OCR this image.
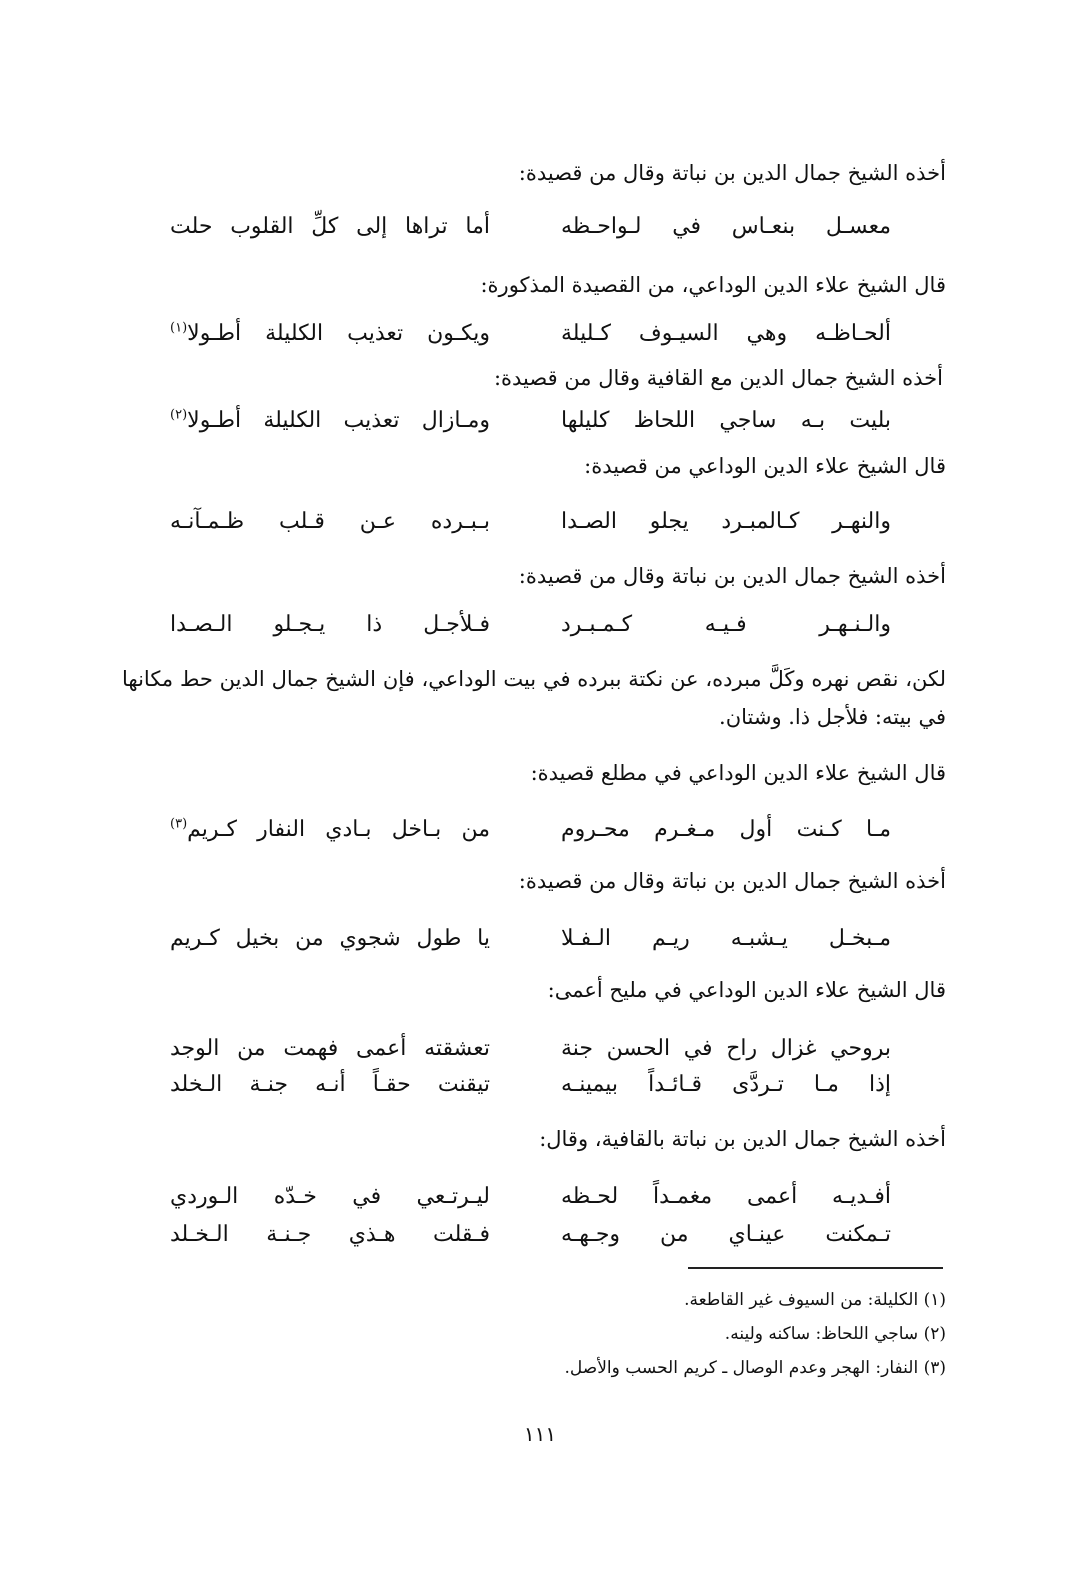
أخذه الشيخ جمال الدين بن نباتة وقال من قصيدة:
معسـل بنعـاس في لـواحـظه
أما تراها إلى كلِّ القلوب حلت
قال الشيخ علاء الدين الوداعي، من القصيدة المذكورة:
ألحـاظـه وهي السيـوف كـليلة
ويكـون تعذيب الكليلة أطـولا$^{(١)}$
أخذه الشيخ جمال الدين مع القافية وقال من قصيدة:
بليت بـه ساجي اللحاظ كليلها
ومـازال تعذيب الكليلة أطـولا$^{(٢)}$
قال الشيخ علاء الدين الوداعي من قصيدة:
والنهـر كـالمبـرد يجلو الصـدا
بـبـرده عـن قـلب ظـمـآنـه
أخذه الشيخ جمال الدين بن نباتة وقال من قصيدة:
والـنـهـر فـيـه كـمـبـرد
فـلأجـل ذا يـجـلو الـصـدا
لكن، نقص نهره وكَلَّ مبرده، عن نكتة ببرده في بيت الوداعي، فإن الشيخ جمال الدين حط مكانها في بيته: فلأجل ذا. وشتان.
قال الشيخ علاء الدين الوداعي في مطلع قصيدة:
مـا كـنت أول مـغـرم محـروم
من بـاخل بـادي النفار كـريم$^{(٣)}$
أخذه الشيخ جمال الدين بن نباتة وقال من قصيدة:
مـبخـل يـشبـه ريـم الـفـلا
يا طول شجوي من بخيل كـريم
قال الشيخ علاء الدين الوداعي في مليح أعمى:
بروحي غزال راح في الحسن جنة
تعشقته أعمى فهمت من الوجد
إذا مـا تـردَّى قـائـداً بيمينـه
تيقنت حقـاً أنـه جنـة الـخلد
أخذه الشيخ جمال الدين بن نباتة بالقافية، وقال:
أفـديـه أعمى مغمـداً لحـظه
ليـرتـعي في خـدّه الـوردي
تـمكنت عينـاي من وجـهـه
فـقلت هـذي جـنـة الـخـلد
(١) الكليلة: من السيوف غير القاطعة.
(٢) ساجي اللحاظ: ساكنه ولينه.
(٣) النفار: الهجر وعدم الوصال ـ كريم الحسب والأصل.
١١١
